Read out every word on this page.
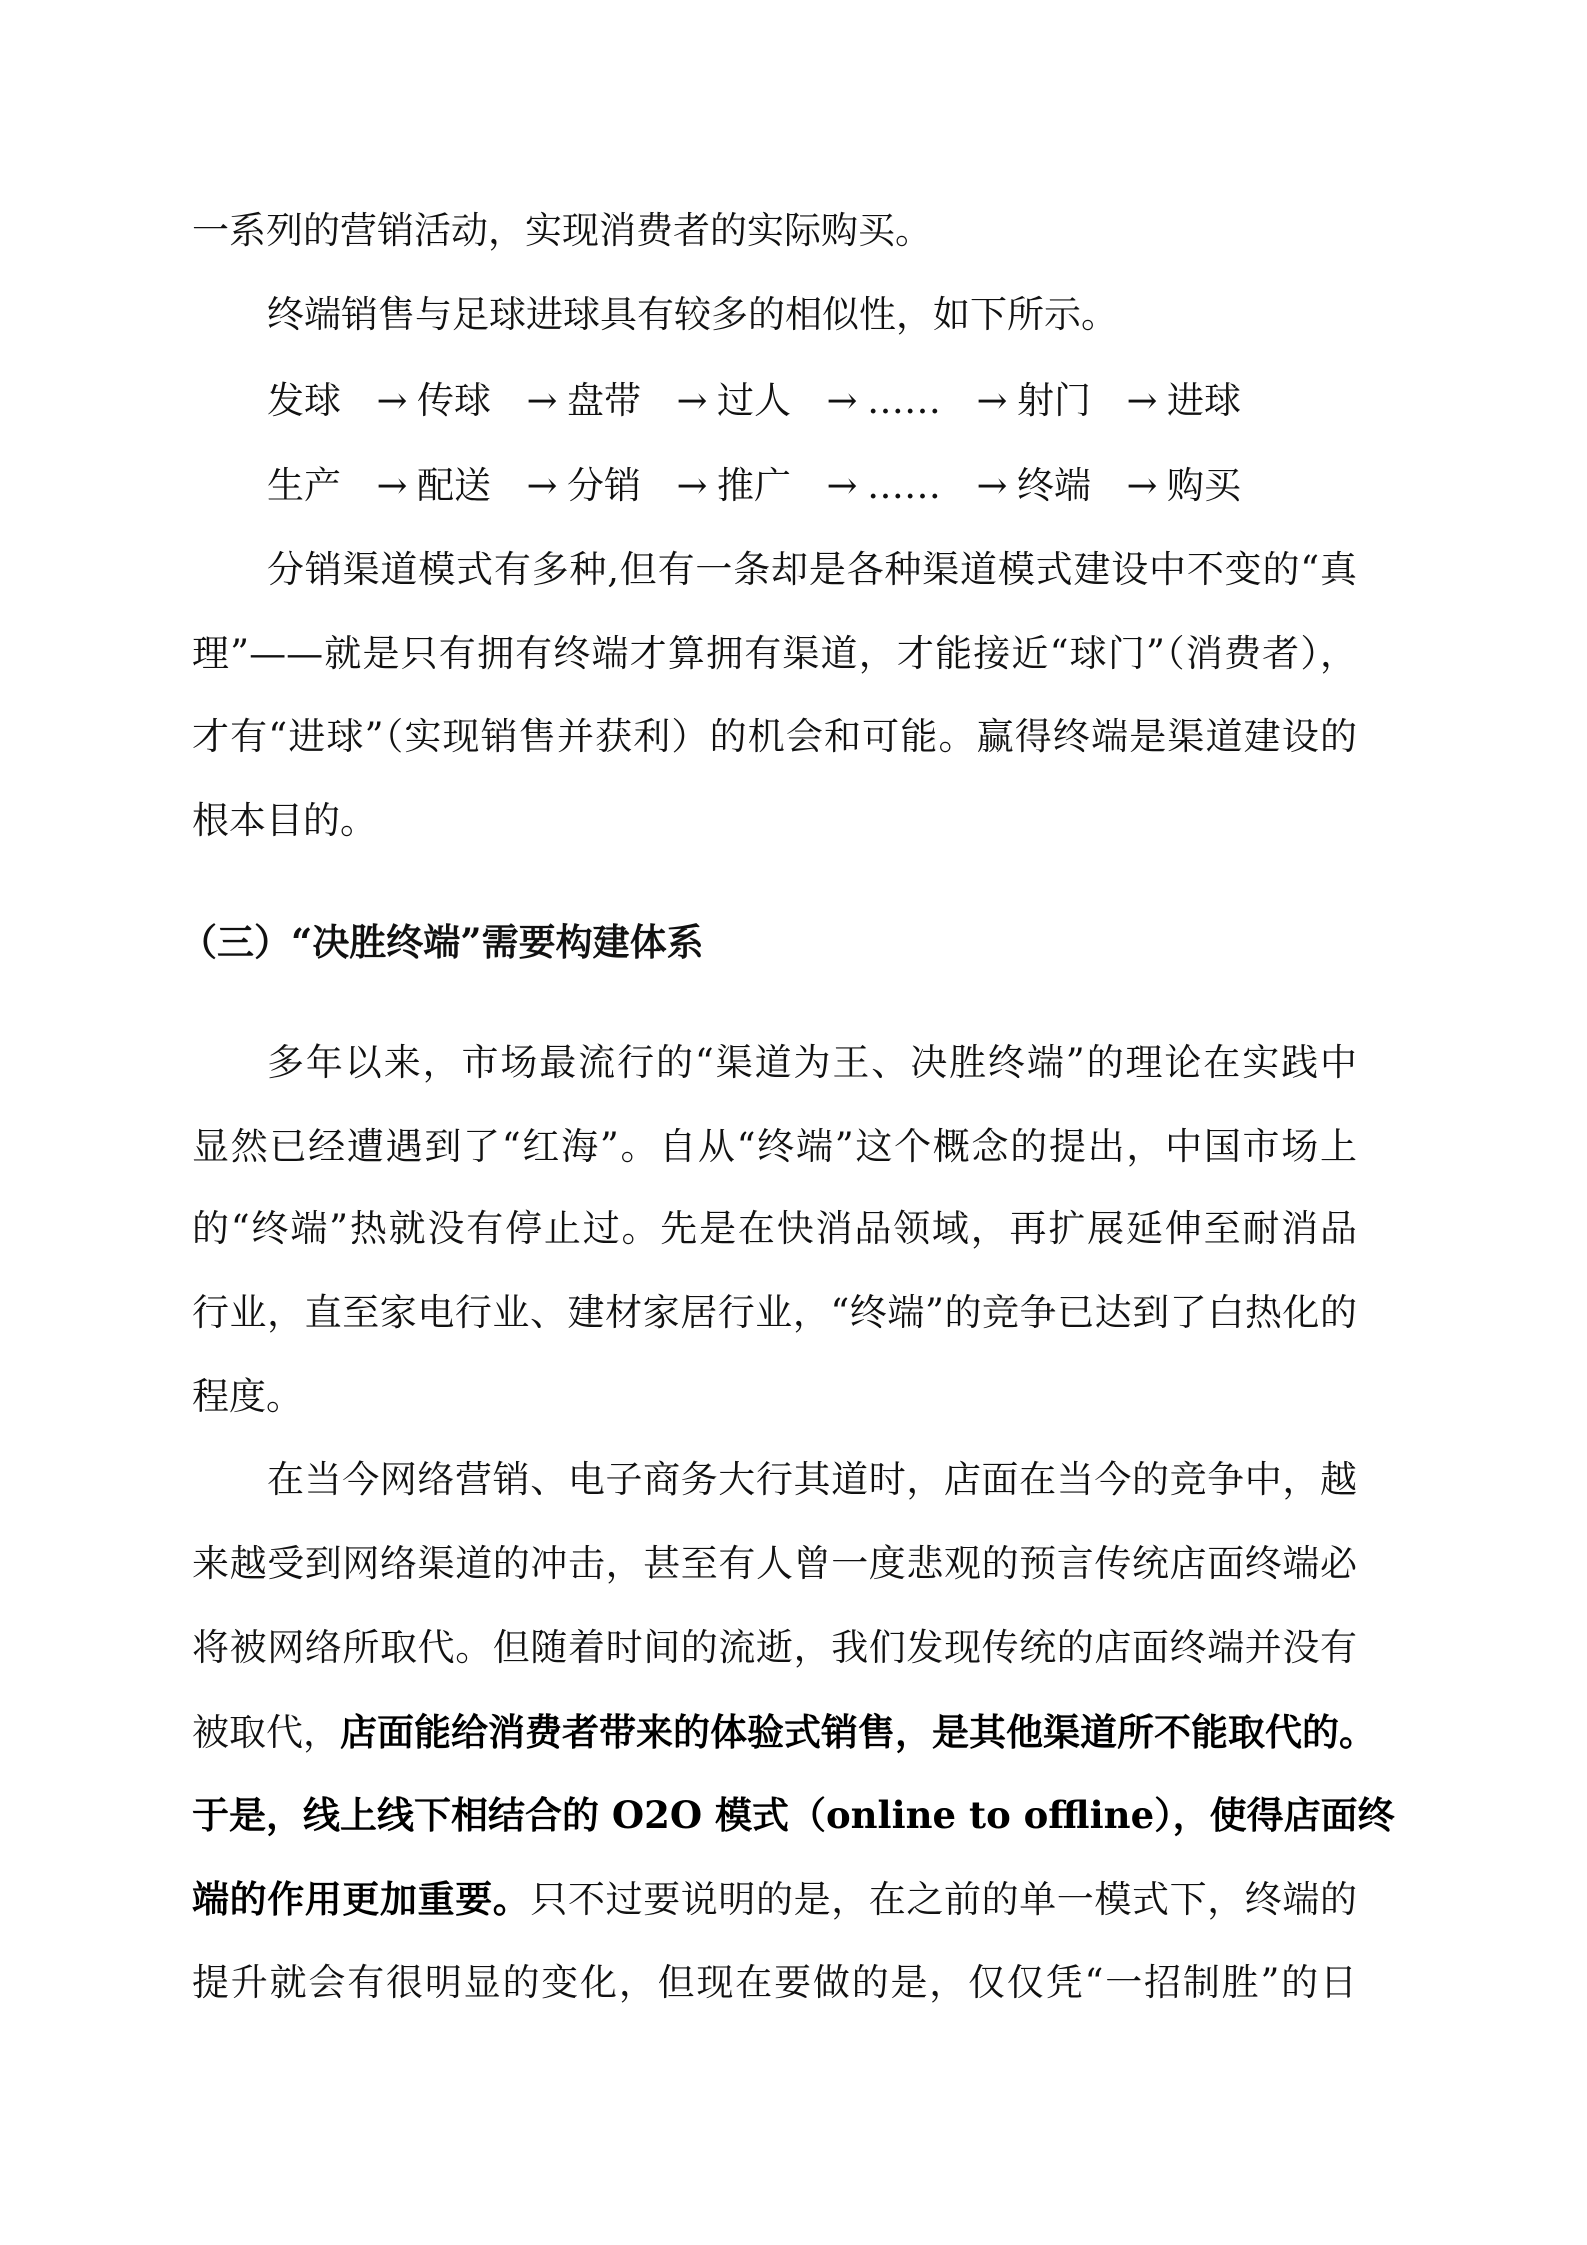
一系列的营销活动，实现消费者的实际购买。
终端销售与足球进球具有较多的相似性，如下所示。
发球 → 传球 → 盘带 → 过人 → …… → 射门 → 进球
生产 → 配送 → 分销 → 推广 → …… → 终端 → 购买
分销渠道模式有多种,但有一条却是各种渠道模式建设中不变的“真
理”——就是只有拥有终端才算拥有渠道，才能接近“球门”（消费者），
才有“进球”（实现销售并获利）的机会和可能。赢得终端是渠道建设的
根本目的。
（三）“决胜终端”需要构建体系
多年以来，市场最流行的“渠道为王、决胜终端”的理论在实践中
显然已经遭遇到了“红海”。自从“终端”这个概念的提出，中国市场上
的“终端”热就没有停止过。先是在快消品领域，再扩展延伸至耐消品
行业，直至家电行业、建材家居行业，“终端”的竞争已达到了白热化的
程度。
在当今网络营销、电子商务大行其道时，店面在当今的竞争中，越
来越受到网络渠道的冲击，甚至有人曾一度悲观的预言传统店面终端必
将被网络所取代。但随着时间的流逝，我们发现传统的店面终端并没有
被取代，店面能给消费者带来的体验式销售，是其他渠道所不能取代的。
于是，线上线下相结合的 O2O 模式（online to offline），使得店面终
端的作用更加重要。只不过要说明的是，在之前的单一模式下，终端的
提升就会有很明显的变化，但现在要做的是，仅仅凭“一招制胜”的日
